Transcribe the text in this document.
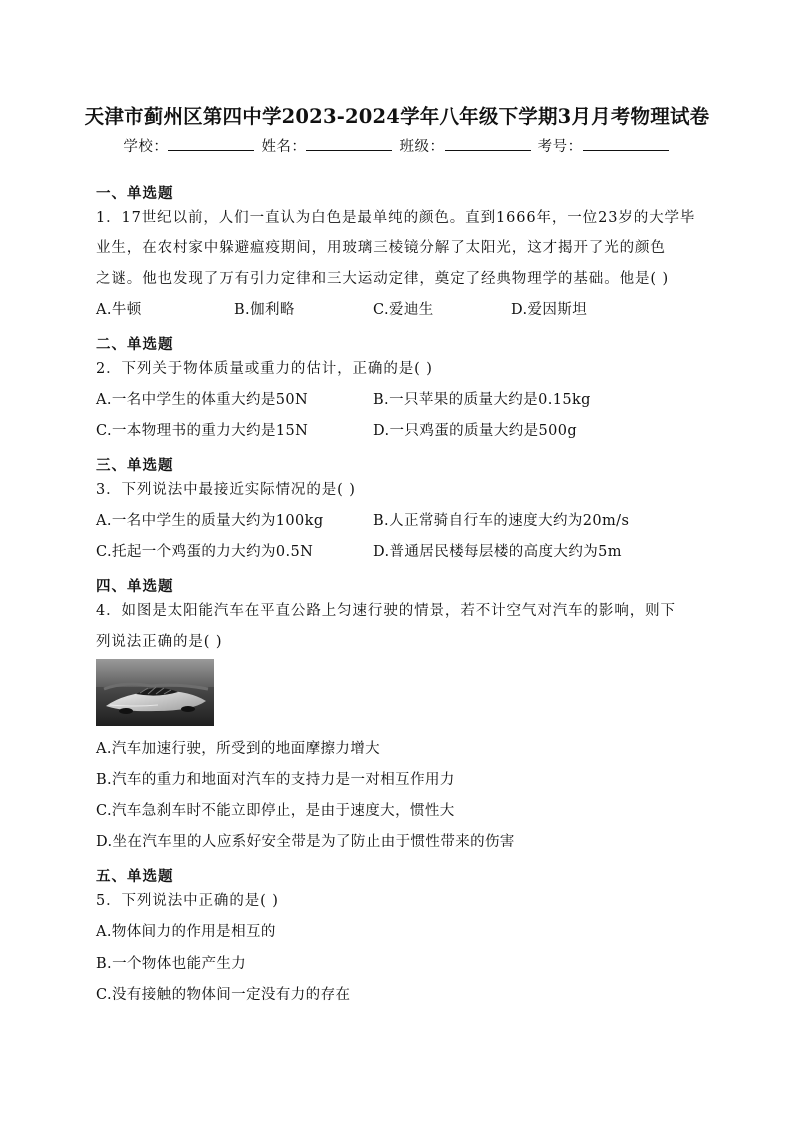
天津市蓟州区第四中学2023-2024学年八年级下学期3月月考物理试卷
学校：	姓名：	班级：	考号：
一、单选题
1．17世纪以前，人们一直认为白色是最单纯的颜色。直到1666年，一位23岁的大学毕
业生，在农村家中躲避瘟疫期间，用玻璃三棱镜分解了太阳光，这才揭开了光的颜色
之谜。他也发现了万有引力定律和三大运动定律，奠定了经典物理学的基础。他是( )
A.牛顿	B.伽利略	C.爱迪生	D.爱因斯坦
二、单选题
2．下列关于物体质量或重力的估计，正确的是( )
A.一名中学生的体重大约是50N	B.一只苹果的质量大约是0.15kg
C.一本物理书的重力大约是15N	D.一只鸡蛋的质量大约是500g
三、单选题
3．下列说法中最接近实际情况的是( )
A.一名中学生的质量大约为100kg	B.人正常骑自行车的速度大约为20m/s
C.托起一个鸡蛋的力大约为0.5N	D.普通居民楼每层楼的高度大约为5m
四、单选题
4．如图是太阳能汽车在平直公路上匀速行驶的情景，若不计空气对汽车的影响，则下
列说法正确的是( )
A.汽车加速行驶，所受到的地面摩擦力增大
B.汽车的重力和地面对汽车的支持力是一对相互作用力
C.汽车急刹车时不能立即停止，是由于速度大，惯性大
D.坐在汽车里的人应系好安全带是为了防止由于惯性带来的伤害
五、单选题
5．下列说法中正确的是( )
A.物体间力的作用是相互的
B.一个物体也能产生力
C.没有接触的物体间一定没有力的存在
